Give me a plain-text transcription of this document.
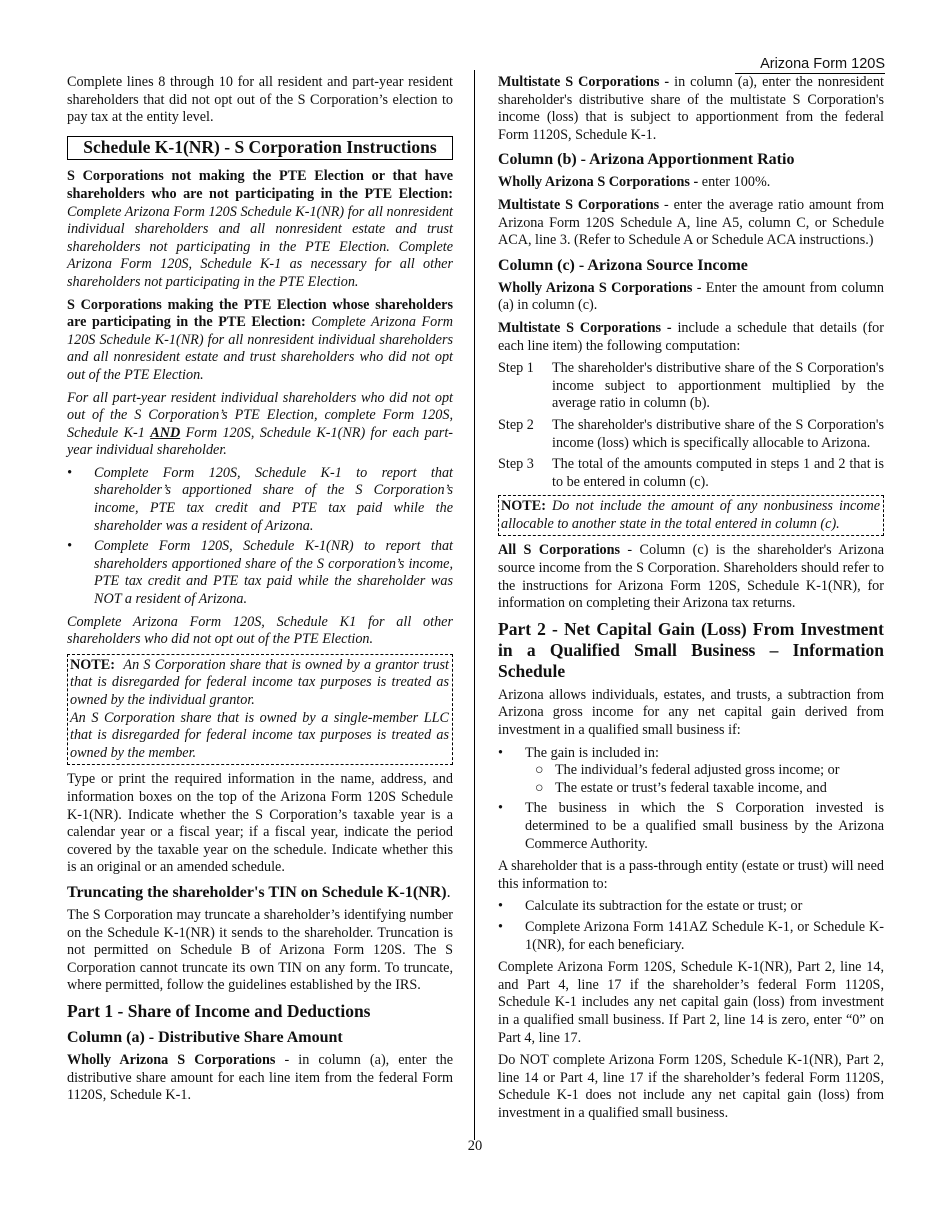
Arizona Form 120S

Complete lines 8 through 10 for all resident and part-year resident shareholders that did not opt out of the S Corporation’s election to pay tax at the entity level.

Schedule K-1(NR) - S Corporation Instructions

S Corporations not making the PTE Election or that have shareholders who are not participating in the PTE Election: Complete Arizona Form 120S Schedule K-1(NR) for all nonresident individual shareholders and all nonresident estate and trust shareholders not participating in the PTE Election. Complete Arizona Form 120S, Schedule K-1 as necessary for all other shareholders not participating in the PTE Election.

S Corporations making the PTE Election whose shareholders are participating in the PTE Election: Complete Arizona Form 120S Schedule K-1(NR) for all nonresident individual shareholders and all nonresident estate and trust shareholders who did not opt out of the PTE Election.

For all part-year resident individual shareholders who did not opt out of the S Corporation’s PTE Election, complete Form 120S, Schedule K-1 AND Form 120S, Schedule K-1(NR) for each part-year individual shareholder.

• Complete Form 120S, Schedule K-1 to report that shareholder’s apportioned share of the S Corporation’s income, PTE tax credit and PTE tax paid while the shareholder was a resident of Arizona.
• Complete Form 120S, Schedule K-1(NR) to report that shareholders apportioned share of the S corporation’s income, PTE tax credit and PTE tax paid while the shareholder was NOT a resident of Arizona.

Complete Arizona Form 120S, Schedule K1 for all other shareholders who did not opt out of the PTE Election.

NOTE: An S Corporation share that is owned by a grantor trust that is disregarded for federal income tax purposes is treated as owned by the individual grantor.

An S Corporation share that is owned by a single-member LLC that is disregarded for federal income tax purposes is treated as owned by the member.

Type or print the required information in the name, address, and information boxes on the top of the Arizona Form 120S Schedule K-1(NR). Indicate whether the S Corporation’s taxable year is a calendar year or a fiscal year; if a fiscal year, indicate the period covered by the taxable year on the schedule. Indicate whether this is an original or an amended schedule.

Truncating the shareholder's TIN on Schedule K-1(NR).

The S Corporation may truncate a shareholder’s identifying number on the Schedule K-1(NR) it sends to the shareholder. Truncation is not permitted on Schedule B of Arizona Form 120S. The S Corporation cannot truncate its own TIN on any form. To truncate, where permitted, follow the guidelines established by the IRS.

Part 1 - Share of Income and Deductions
Column (a) - Distributive Share Amount

Wholly Arizona S Corporations - in column (a), enter the distributive share amount for each line item from the federal Form 1120S, Schedule K-1.

Multistate S Corporations - in column (a), enter the nonresident shareholder's distributive share of the multistate S Corporation's income (loss) that is subject to apportionment from the federal Form 1120S, Schedule K-1.

Column (b) - Arizona Apportionment Ratio

Wholly Arizona S Corporations - enter 100%.

Multistate S Corporations - enter the average ratio amount from Arizona Form 120S Schedule A, line A5, column C, or Schedule ACA, line 3. (Refer to Schedule A or Schedule ACA instructions.)

Column (c) - Arizona Source Income

Wholly Arizona S Corporations - Enter the amount from column (a) in column (c).

Multistate S Corporations - include a schedule that details (for each line item) the following computation:

Step 1	The shareholder's distributive share of the S Corporation's income subject to apportionment multiplied by the average ratio in column (b).
Step 2	The shareholder's distributive share of the S Corporation's income (loss) which is specifically allocable to Arizona.
Step 3	The total of the amounts computed in steps 1 and 2 that is to be entered in column (c).

NOTE: Do not include the amount of any nonbusiness income allocable to another state in the total entered in column (c).

All S Corporations - Column (c) is the shareholder's Arizona source income from the S Corporation. Shareholders should refer to the instructions for Arizona Form 120S, Schedule K-1(NR), for information on completing their Arizona tax returns.

Part 2 - Net Capital Gain (Loss) From Investment in a Qualified Small Business – Information Schedule

Arizona allows individuals, estates, and trusts, a subtraction from Arizona gross income for any net capital gain derived from investment in a qualified small business if:

• The gain is included in:
○ The individual’s federal adjusted gross income; or
○ The estate or trust’s federal taxable income, and
• The business in which the S Corporation invested is determined to be a qualified small business by the Arizona Commerce Authority.

A shareholder that is a pass-through entity (estate or trust) will need this information to:

• Calculate its subtraction for the estate or trust; or
• Complete Arizona Form 141AZ Schedule K-1, or Schedule K-1(NR), for each beneficiary.

Complete Arizona Form 120S, Schedule K-1(NR), Part 2, line 14, and Part 4, line 17 if the shareholder’s federal Form 1120S, Schedule K-1 includes any net capital gain (loss) from investment in a qualified small business. If Part 2, line 14 is zero, enter “0” on Part 4, line 17.

Do NOT complete Arizona Form 120S, Schedule K-1(NR), Part 2, line 14 or Part 4, line 17 if the shareholder’s federal Form 1120S, Schedule K-1 does not include any net capital gain (loss) from investment in a qualified small business.

20
